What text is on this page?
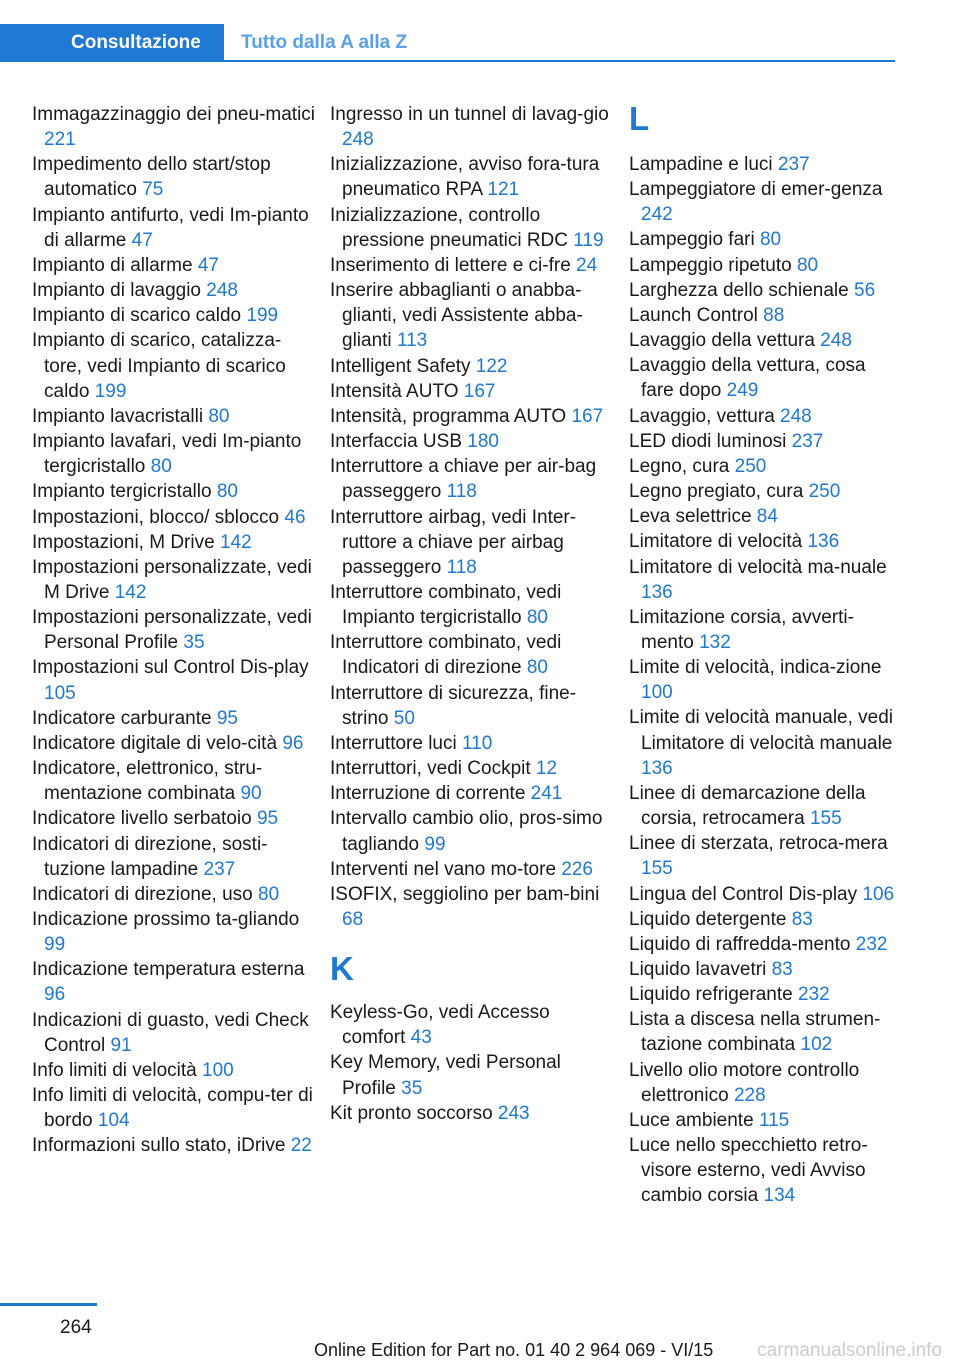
Consultazione	Tutto dalla A alla Z
Immagazzinaggio dei pneu‐matici 221
Impedimento dello start/stop automatico 75
Impianto antifurto, vedi Im‐pianto di allarme 47
Impianto di allarme 47
Impianto di lavaggio 248
Impianto di scarico caldo 199
Impianto di scarico, catalizza‐tore, vedi Impianto di scarico caldo 199
Impianto lavacristalli 80
Impianto lavafari, vedi Im‐pianto tergicristallo 80
Impianto tergicristallo 80
Impostazioni, blocco/ sblocco 46
Impostazioni, M Drive 142
Impostazioni personalizzate, vedi M Drive 142
Impostazioni personalizzate, vedi Personal Profile 35
Impostazioni sul Control Dis‐play 105
Indicatore carburante 95
Indicatore digitale di velo‐cità 96
Indicatore, elettronico, stru‐mentazione combinata 90
Indicatore livello serbatoio 95
Indicatori di direzione, sosti‐tuzione lampadine 237
Indicatori di direzione, uso 80
Indicazione prossimo ta‐gliando 99
Indicazione temperatura esterna 96
Indicazioni di guasto, vedi Check Control 91
Info limiti di velocità 100
Info limiti di velocità, compu‐ter di bordo 104
Informazioni sullo stato, iDrive 22
Ingresso in un tunnel di lavag‐gio 248
Inizializzazione, avviso fora‐tura pneumatico RPA 121
Inizializzazione, controllo pressione pneumatici RDC 119
Inserimento di lettere e ci‐fre 24
Inserire abbaglianti o anabba‐glianti, vedi Assistente abba‐glianti 113
Intelligent Safety 122
Intensità AUTO 167
Intensità, programma AUTO 167
Interfaccia USB 180
Interruttore a chiave per air‐bag passeggero 118
Interruttore airbag, vedi Inter‐ruttore a chiave per airbag passeggero 118
Interruttore combinato, vedi Impianto tergicristallo 80
Interruttore combinato, vedi Indicatori di direzione 80
Interruttore di sicurezza, fine‐strino 50
Interruttore luci 110
Interruttori, vedi Cockpit 12
Interruzione di corrente 241
Intervallo cambio olio, pros‐simo tagliando 99
Interventi nel vano mo‐tore 226
ISOFIX, seggiolino per bam‐bini 68
K
Keyless-Go, vedi Accesso comfort 43
Key Memory, vedi Personal Profile 35
Kit pronto soccorso 243
L
Lampadine e luci 237
Lampeggiatore di emer‐genza 242
Lampeggio fari 80
Lampeggio ripetuto 80
Larghezza dello schienale 56
Launch Control 88
Lavaggio della vettura 248
Lavaggio della vettura, cosa fare dopo 249
Lavaggio, vettura 248
LED diodi luminosi 237
Legno, cura 250
Legno pregiato, cura 250
Leva selettrice 84
Limitatore di velocità 136
Limitatore di velocità ma‐nuale 136
Limitazione corsia, avverti‐mento 132
Limite di velocità, indica‐zione 100
Limite di velocità manuale, vedi Limitatore di velocità manuale 136
Linee di demarcazione della corsia, retrocamera 155
Linee di sterzata, retroca‐mera 155
Lingua del Control Dis‐play 106
Liquido detergente 83
Liquido di raffredda‐mento 232
Liquido lavavetri 83
Liquido refrigerante 232
Lista a discesa nella strumen‐tazione combinata 102
Livello olio motore controllo elettronico 228
Luce ambiente 115
Luce nello specchietto retro‐visore esterno, vedi Avviso cambio corsia 134
264
Online Edition for Part no. 01 40 2 964 069 - VI/15 carmanualsonline.info
